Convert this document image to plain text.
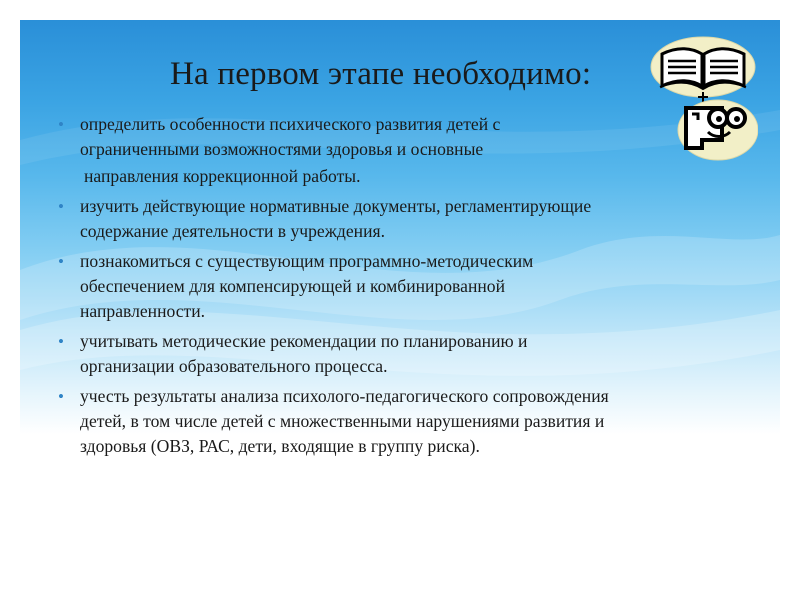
На первом этапе необходимо:
• определить особенности психического развития детей с
ограниченными возможностями здоровья и основные
направления коррекционной работы.
• изучить действующие нормативные документы, регламентирующие
содержание деятельности в учреждения.
• познакомиться с существующим программно-методическим
обеспечением для компенсирующей и комбинированной
направленности.
• учитывать методические рекомендации по планированию и
организации образовательного процесса.
• учесть результаты анализа психолого-педагогического сопровождения
детей, в том числе детей с множественными нарушениями развития и
здоровья (ОВЗ, РАС, дети, входящие в группу риска).
